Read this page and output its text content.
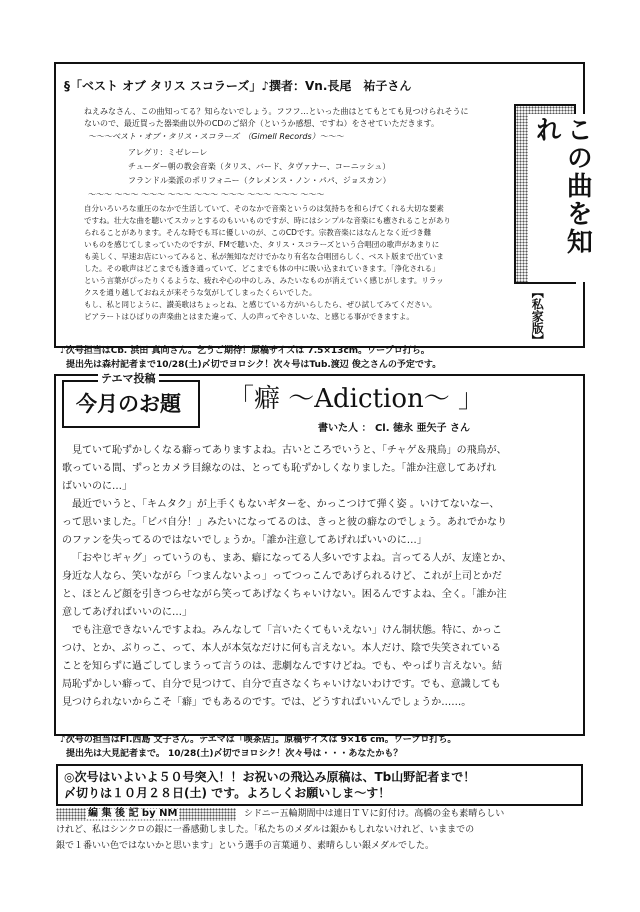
§「ベスト オブ タリス スコラーズ」♪撰者：Vn.長尾　祐子さん
ねえみなさん、この曲知ってる？知らないでしょう。フフフ…といった曲はとてもとても見つけられそうに
ないので、最近買った器楽曲以外のCDのご紹介（というか感想、ですね）をさせていただきます。
～～～ベスト・オブ・タリス・スコラーズ　（Gimell Records）～～～
アレグリ：ミゼレーレ
チューダー朝の教会音楽（タリス、バード、タヴァナー、コーニッシュ）
フランドル楽派のポリフォニー（クレメンス・ノン・パパ、ジョスカン）
～～～ ～～～ ～～～ ～～～ ～～～ ～～～ ～～～ ～～～ ～～～
自分いろいろな重圧のなかで生活していて、そのなかで音楽というのは気持ちを和らげてくれる大切な要素
ですね。壮大な曲を聴いてスカッとするのもいいものですが、時にはシンプルな音楽にも癒されることがあり
られることがあります。そんな時でも耳に優しいのが、このCDです。宗教音楽にはなんとなく近づき難
いものを感じてしまっていたのですが、FMで聴いた、タリス・スコラーズという合唱団の歌声があまりに
も美しく、早速お店にいってみると、私が無知なだけでかなり有名な合唱団らしく、ベスト版まで出ていま
した。その歌声はどこまでも透き通っていて、どこまでも体の中に吸い込まれていきます。「浄化される」
という言葉がぴったりくるような、疲れや心の中のしみ、みたいなものが消えていく感じがします。リラッ
クスを通り越しておねえが来そうな気がしてしまったくらいでした。
もし、私と同じように、讃美歌はちょっとね、と感じている方がいらしたら、ぜひ試してみてください。
ピアラートはひばりの声楽曲とはまた違って、人の声ってやさしいな、と感じる事ができますよ。
この曲を知れ
【私家版】
♪次号担当はCb. 浜田 真向さん。乞うご期待！原稿サイズは 7.5×13cm。ワープロ打ち。
提出先は森村記者まで10/28(土)〆切でヨロシク！次々号はTub.渡辺 俊之さんの予定です。
テエマ投稿
今月のお題 「癖 ～Adiction～ 」
書いた人 ： Cl. 徳永 亜矢子 さん
見ていて恥ずかしくなる癖ってありますよね。古いところでいうと、「チャゲ＆飛鳥」の飛鳥が、
歌っている間、ずっとカメラ目線なのは、とっても恥ずかしくなりました。「誰か注意してあげれ
ばいいのに…」
最近でいうと、「キムタク」が上手くもないギターを、かっこつけて弾く姿 。いけてないなー、
って思いました。「ビバ自分！」みたいになってるのは、きっと彼の癖なのでしょう。あれでかなり
のファンを失ってるのではないでしょうか。「誰か注意してあげればいいのに…」
「おやじギャグ」っていうのも、まあ、癖になってる人多いですよね。言ってる人が、友達とか、
身近な人なら、笑いながら「つまんないよっ」ってつっこんであげられるけど、これが上司とかだ
と、ほとんど顔を引きつらせながら笑ってあげなくちゃいけない。困るんですよね、全く。「誰か注
意してあげればいいのに…」
でも注意できないんですよね。みんなして「言いたくてもいえない」けん制状態。特に、かっこ
つけ、とか、ぶりっこ、って、本人が本気なだけに何も言えない。本人だけ、陰で失笑されている
ことを知らずに過ごしてしまうって言うのは、悲劇なんですけどね。でも、やっぱり言えない。結
局恥ずかしい癖って、自分で見つけて、自分で直さなくちゃいけないわけです。でも、意識しても
見つけられないからこそ「癖」でもあるのです。では、どうすればいいんでしょうか……。
♪次号の担当はFl.西島 文子さん。テエマは「喫茶店」。原稿サイズは 9×16 cm。ワープロ打ち。
提出先は大見記者まで。 10/28(土)〆切でヨロシク！次々号は・・・あなたかも？
◎次号はいよいよ５０号突入！！お祝いの飛込み原稿は、Tb山野記者まで！
〆切りは１０月２８日(土) です。よろしくお願いしま～す！
編 集 後 記 by NM	シドニー五輪期間中は連日ＴＶに釘付け。高橋の金も素晴らしい
けれど、私はシンクロの銀に一番感動しました。「私たちのメダルは銀かもしれないけれど、いままでの
銀で１番いい色ではないかと思います」という選手の言葉通り、素晴らしい銀メダルでした。
